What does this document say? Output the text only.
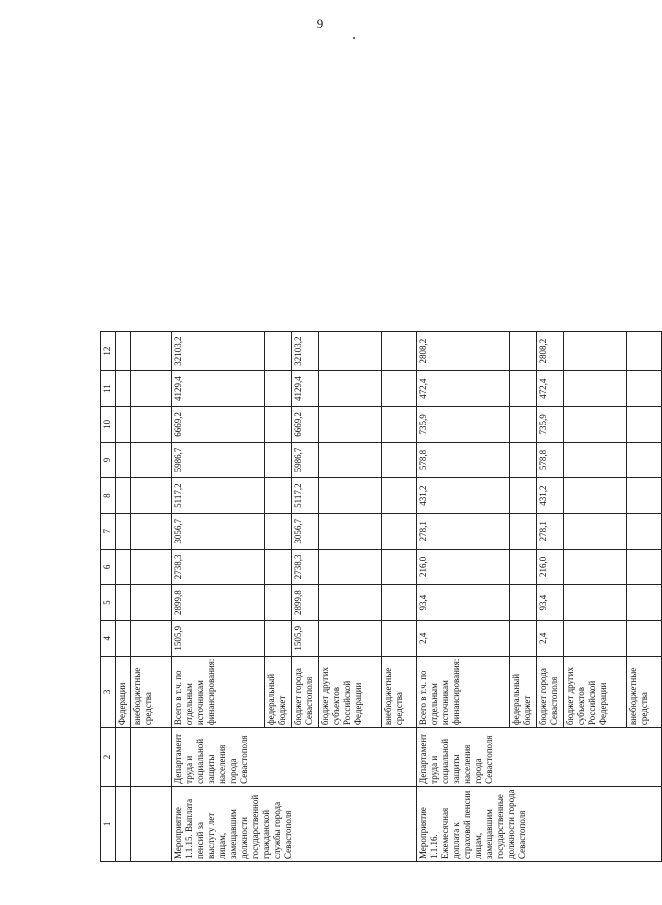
9
1	2	3	4	5	6	7	8	9	10	11	12
		Федерации									
		внебюджетные средства									
Мероприятие 1.1.15. Выплата пенсий за выслугу лет лицам, замещавшим должности государственной гражданской службы города Севастополя	Департамент труда и социальной защиты населения города Севастополя	Всего в т.ч. по отдельным источникам финансирования:	1505,9	2899,8	2738,3	3056,7	5117,2	5986,7	6669,2	4129,4	32103,2
		федеральный бюджет									
		бюджет города Севастополя	1505,9	2899,8	2738,3	3056,7	5117,2	5986,7	6669,2	4129,4	32103,2
		бюджет других субъектов Российской Федерации									
		внебюджетные средства									
Мероприятие 1.1.16. Ежемесячная доплата к страховой пенсии лицам, замещавшим государственные должности города Севастополя	Департамент труда и социальной защиты населения города Севастополя	Всего в т.ч. по отдельным источникам финансирования:	2,4	93,4	216,0	278,1	431,2	578,8	735,9	472,4	2808,2
		федеральный бюджет									
		бюджет города Севастополя	2,4	93,4	216,0	278,1	431,2	578,8	735,9	472,4	2808,2
		бюджет других субъектов Российской Федерации									
		внебюджетные средства									
